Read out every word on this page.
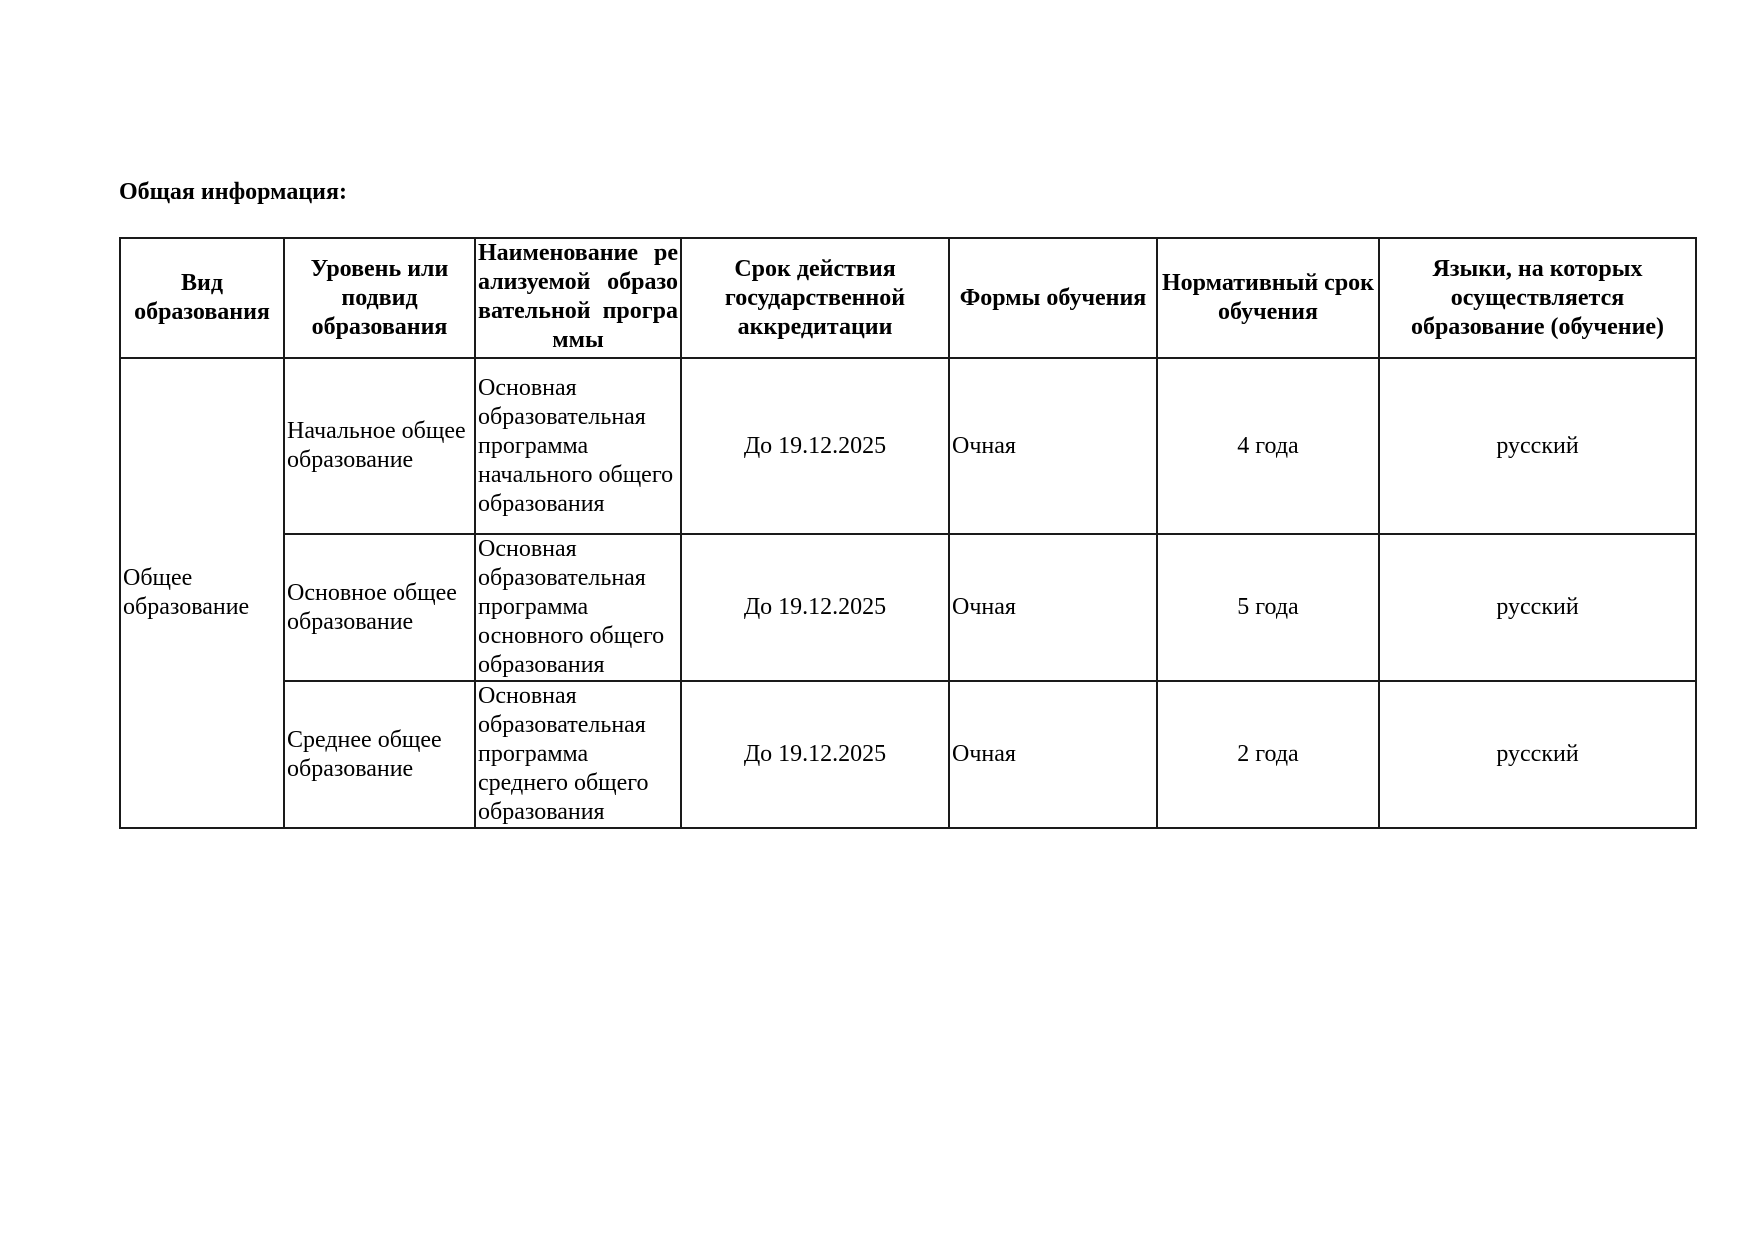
Общая информация:
Вид образования	Уровень или подвид образования	Наименование реализуемой образовательной программы	Срок действия государственной аккредитации	Формы обучения	Нормативный срок обучения	Языки, на которых осуществляется образование (обучение)
Общее образование	Начальное общее образование	Основная образовательная программа начального общего образования	До 19.12.2025	Очная	4 года	русский
	Основное общее образование	Основная образовательная программа основного общего образования	До 19.12.2025	Очная	5 года	русский
	Среднее общее образование	Основная образовательная программа среднего общего образования	До 19.12.2025	Очная	2 года	русский
